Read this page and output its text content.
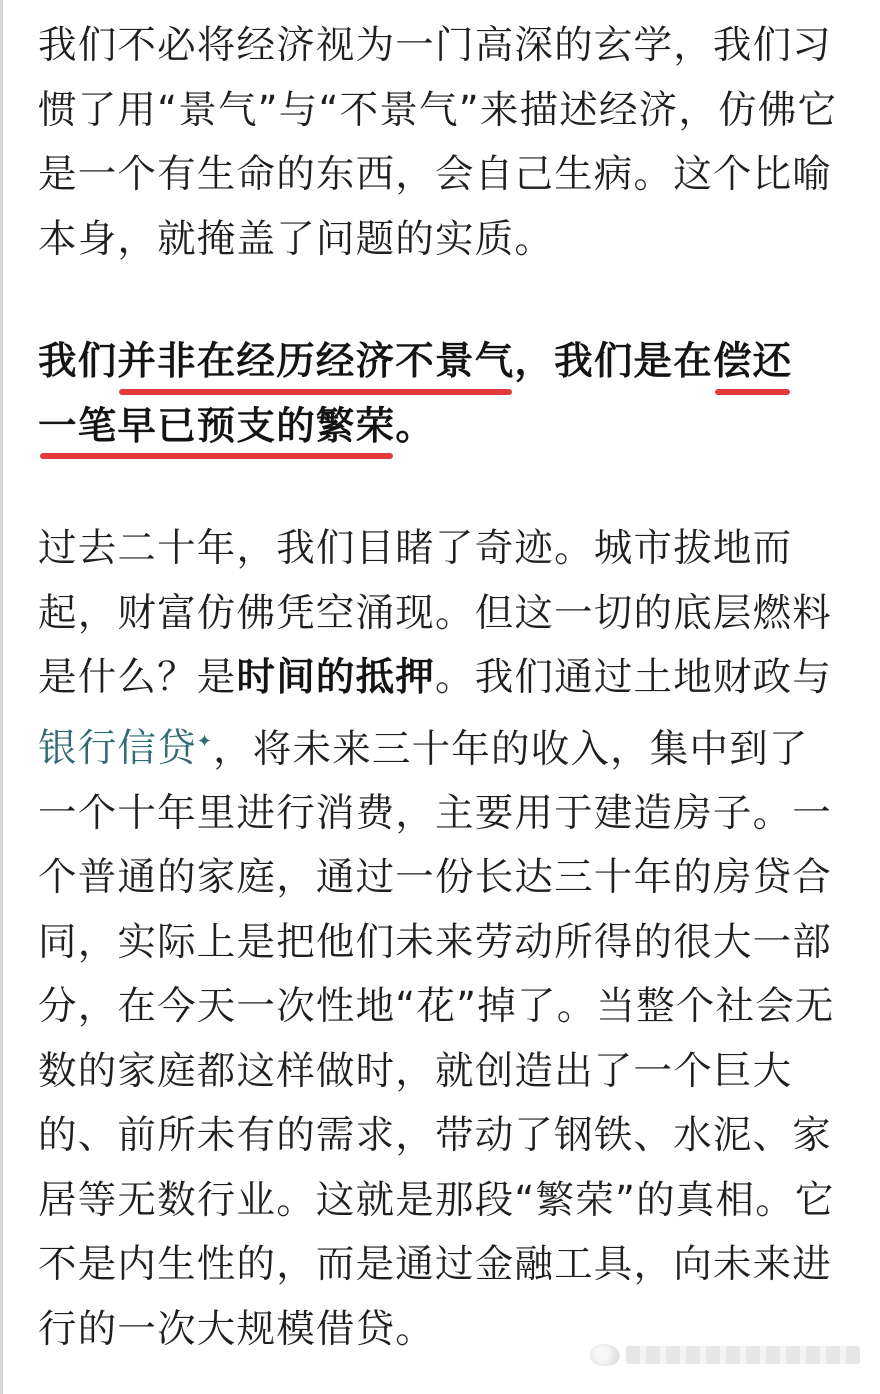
我们不必将经济视为一门高深的玄学，我们习惯了用“景气”与“不景气”来描述经济，仿佛它是一个有生命的东西，会自己生病。这个比喻本身，就掩盖了问题的实质。

我们并非在经历经济不景气，我们是在偿还一笔早已预支的繁荣。

过去二十年，我们目睹了奇迹。城市拔地而起，财富仿佛凭空涌现。但这一切的底层燃料是什么？是时间的抵押。我们通过土地财政与银行信贷✦，将未来三十年的收入，集中到了一个十年里进行消费，主要用于建造房子。一个普通的家庭，通过一份长达三十年的房贷合同，实际上是把他们未来劳动所得的很大一部分，在今天一次性地“花”掉了。当整个社会无数的家庭都这样做时，就创造出了一个巨大的、前所未有的需求，带动了钢铁、水泥、家居等无数行业。这就是那段“繁荣”的真相。它不是内生性的，而是通过金融工具，向未来进行的一次大规模借贷。
